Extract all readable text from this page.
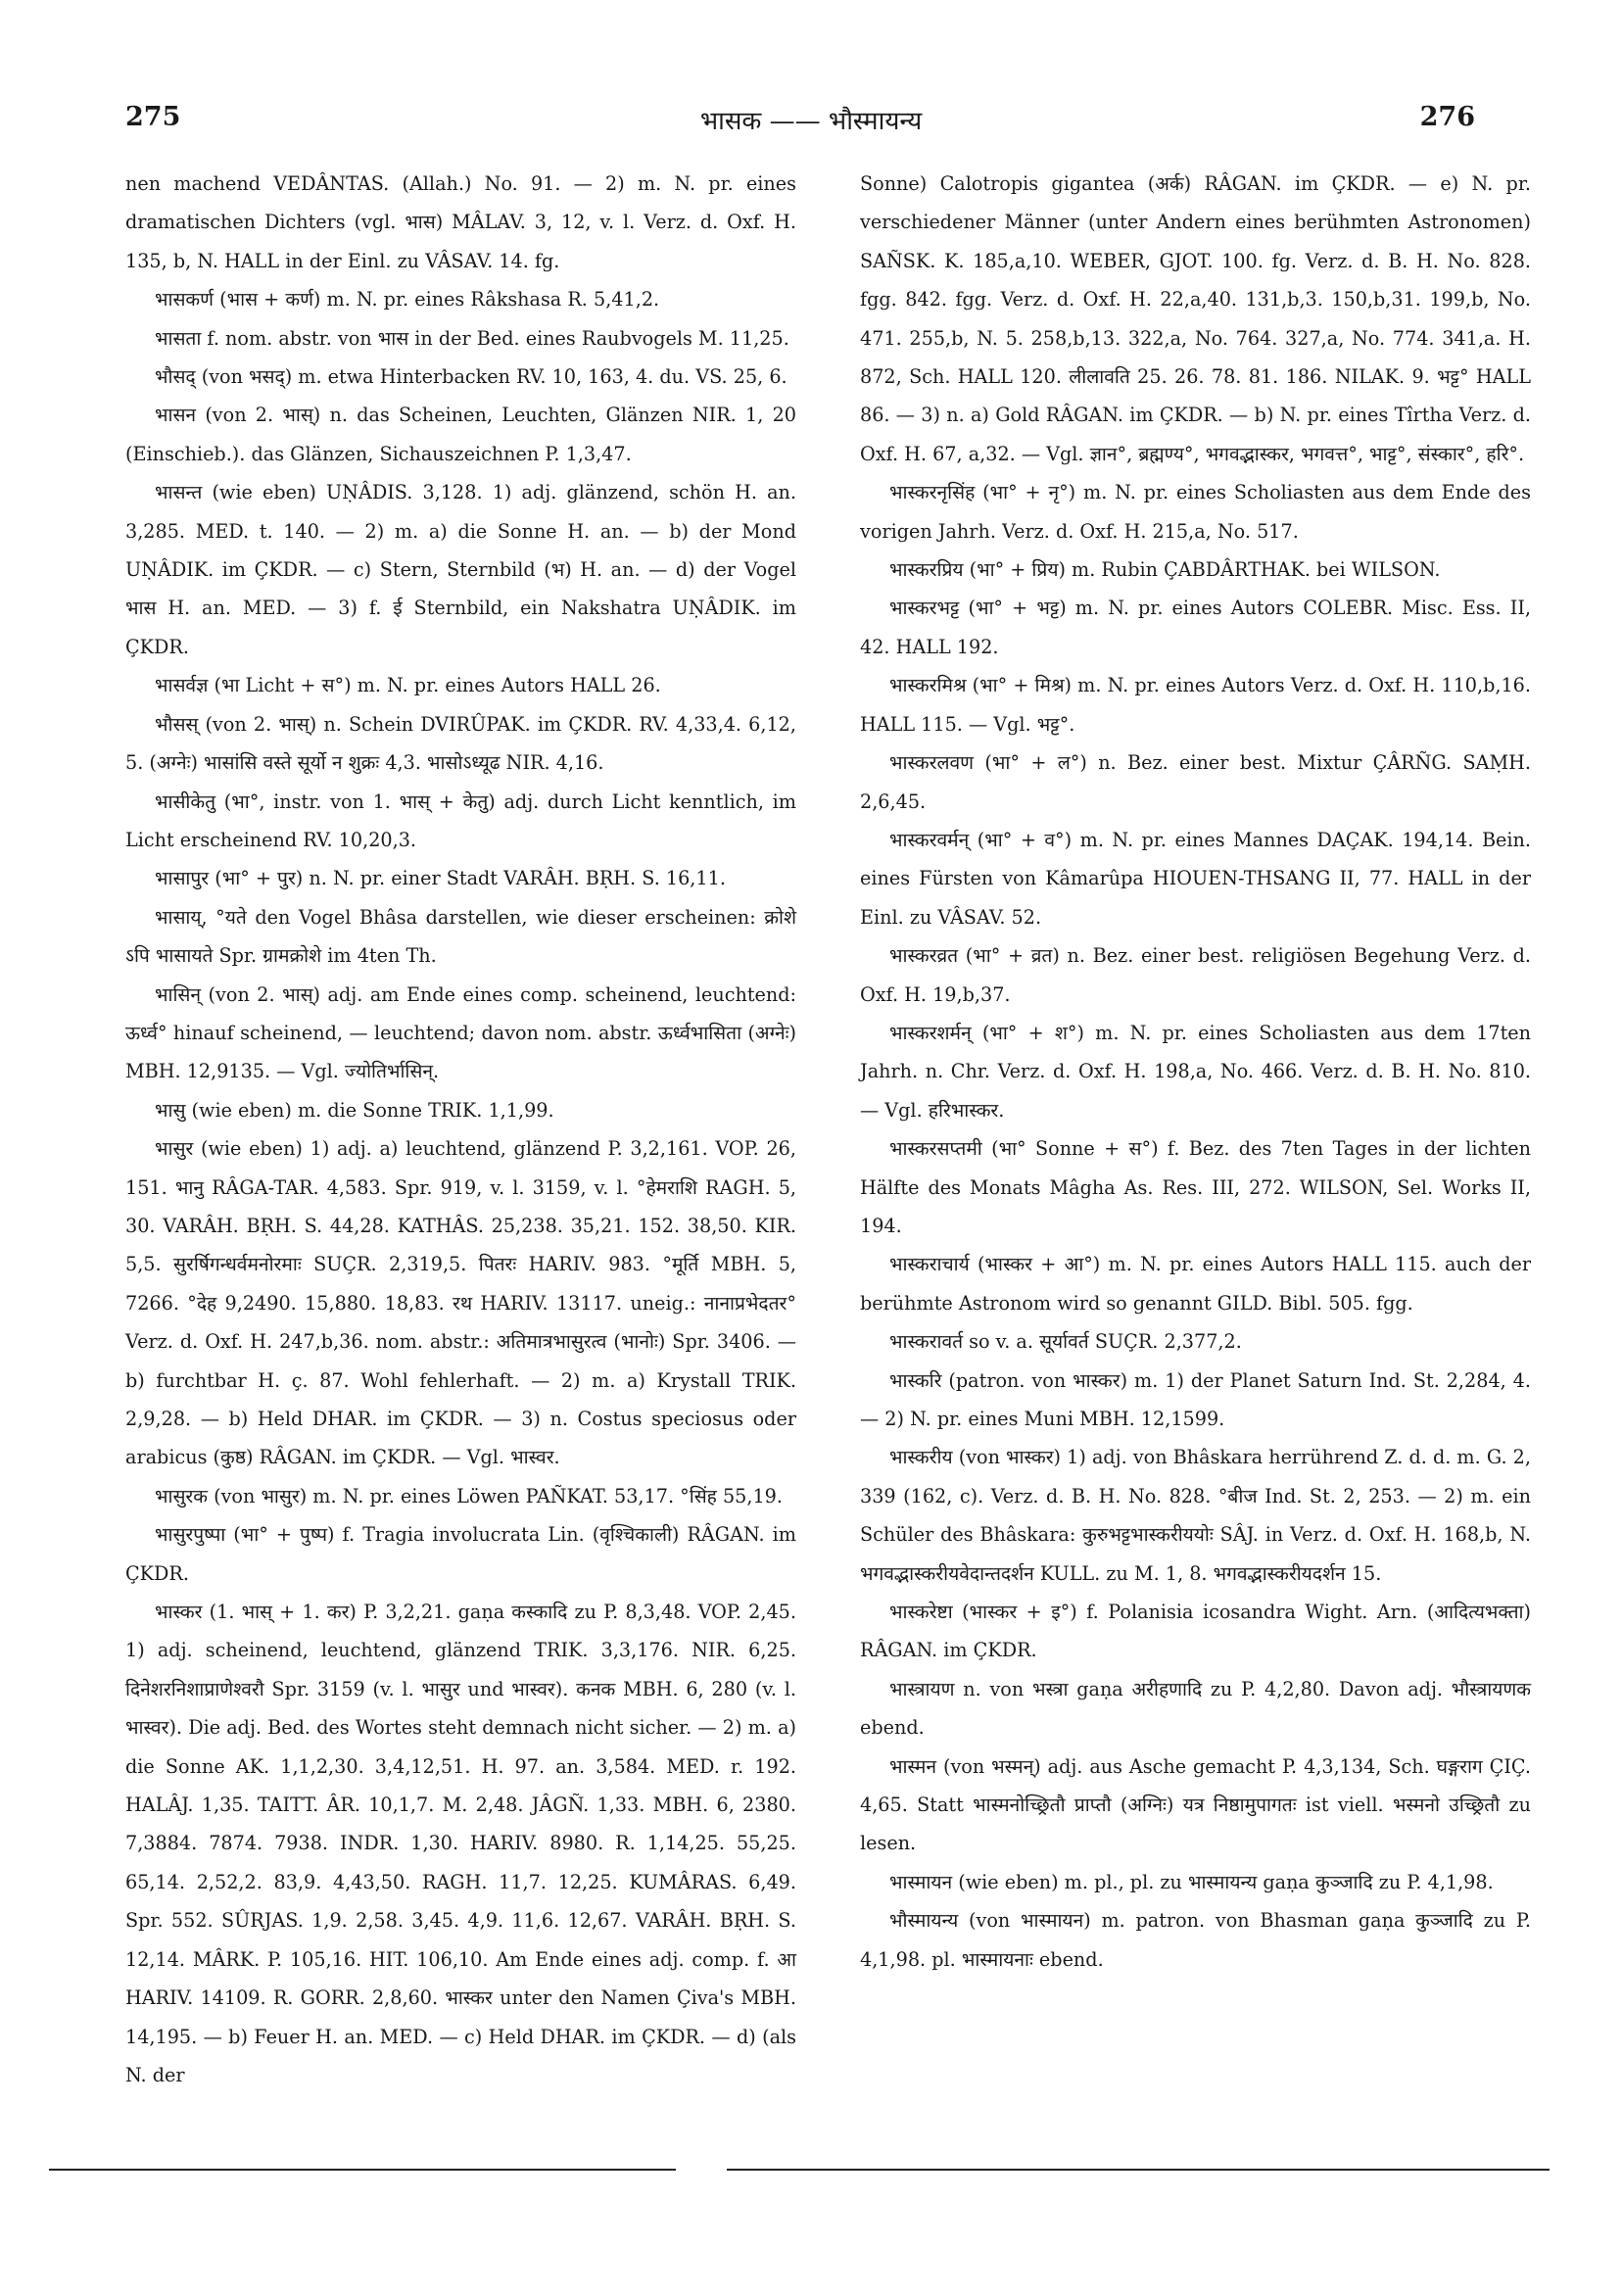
275	भासक —— भौस्मायन्य	276

nen machend VEDÂNTAS. (Allah.) No. 91. — 2) m. N. pr. eines dramatischen Dichters (vgl. भास) MÂLAV. 3, 12, v. l. Verz. d. Oxf. H. 135, b, N. HALL in der Einl. zu VÂSAV. 14. fg.

भासकर्ण (भास + कर्ण) m. N. pr. eines Râkshasa R. 5,41,2.

भासता f. nom. abstr. von भास in der Bed. eines Raubvogels M. 11,25.

भौसद् (von भसद्) m. etwa Hinterbacken RV. 10, 163, 4. du. VS. 25, 6.

भासन (von 2. भास्) n. das Scheinen, Leuchten, Glänzen NIR. 1, 20 (Einschieb.). das Glänzen, Sichauszeichnen P. 1,3,47.

भासन्त (wie eben) UṆÂDIS. 3,128. 1) adj. glänzend, schön H. an. 3,285. MED. t. 140. — 2) m. a) die Sonne H. an. — b) der Mond UṆÂDIK. im ÇKDR. — c) Stern, Sternbild (भ) H. an. — d) der Vogel भास H. an. MED. — 3) f. ई Sternbild, ein Nakshatra UṆÂDIK. im ÇKDR.

भासर्वज्ञ (भा Licht + स°) m. N. pr. eines Autors HALL 26.

भौसस् (von 2. भास्) n. Schein DVIRÛPAK. im ÇKDR. RV. 4,33,4. 6,12, 5. (अग्नेः) भासांसि वस्ते सूर्यो न शुक्रः 4,3. भासोऽध्यूढ NIR. 4,16.

भासीकेतु (भा°, instr. von 1. भास् + केतु) adj. durch Licht kenntlich, im Licht erscheinend RV. 10,20,3.

भासापुर (भा° + पुर) n. N. pr. einer Stadt VARÂH. BṚH. S. 16,11.

भासाय्, °यते den Vogel Bhâsa darstellen, wie dieser erscheinen: क्रोशे ऽपि भासायते Spr. ग्रामक्रोशे im 4ten Th.

भासिन् (von 2. भास्) adj. am Ende eines comp. scheinend, leuchtend: ऊर्ध्व° hinauf scheinend, — leuchtend; davon nom. abstr. ऊर्ध्वभासिता (अग्नेः) MBH. 12,9135. — Vgl. ज्योतिर्भासिन्.

भासु (wie eben) m. die Sonne TRIK. 1,1,99.

भासुर (wie eben) 1) adj. a) leuchtend, glänzend P. 3,2,161. VOP. 26, 151. भानु RÂGA-TAR. 4,583. Spr. 919, v. l. 3159, v. l. °हेमराशि RAGH. 5, 30. VARÂH. BṚH. S. 44,28. KATHÂS. 25,238. 35,21. 152. 38,50. KIR. 5,5. सुरर्षिगन्धर्वमनोरमाः SUÇR. 2,319,5. पितरः HARIV. 983. °मूर्ति MBH. 5, 7266. °देह 9,2490. 15,880. 18,83. रथ HARIV. 13117. uneig.: नानाप्रभेदतर° Verz. d. Oxf. H. 247,b,36. nom. abstr.: अतिमात्रभासुरत्व (भानोः) Spr. 3406. — b) furchtbar H. ç. 87. Wohl fehlerhaft. — 2) m. a) Krystall TRIK. 2,9,28. — b) Held DHAR. im ÇKDR. — 3) n. Costus speciosus oder arabicus (कुष्ठ) RÂGAN. im ÇKDR. — Vgl. भास्वर.

भासुरक (von भासुर) m. N. pr. eines Löwen PAÑKAT. 53,17. °सिंह 55,19.

भासुरपुष्पा (भा° + पुष्प) f. Tragia involucrata Lin. (वृश्चिकाली) RÂGAN. im ÇKDR.

भास्कर (1. भास् + 1. कर) P. 3,2,21. gaṇa कस्कादि zu P. 8,3,48. VOP. 2,45. 1) adj. scheinend, leuchtend, glänzend TRIK. 3,3,176. NIR. 6,25. दिनेशरनिशाप्राणेश्वरौ Spr. 3159 (v. l. भासुर und भास्वर). कनक MBH. 6, 280 (v. l. भास्वर). Die adj. Bed. des Wortes steht demnach nicht sicher. — 2) m. a) die Sonne AK. 1,1,2,30. 3,4,12,51. H. 97. an. 3,584. MED. r. 192. HALÂJ. 1,35. TAITT. ÂR. 10,1,7. M. 2,48. JÂGÑ. 1,33. MBH. 6, 2380. 7,3884. 7874. 7938. INDR. 1,30. HARIV. 8980. R. 1,14,25. 55,25. 65,14. 2,52,2. 83,9. 4,43,50. RAGH. 11,7. 12,25. KUMÂRAS. 6,49. Spr. 552. SÛRJAS. 1,9. 2,58. 3,45. 4,9. 11,6. 12,67. VARÂH. BṚH. S. 12,14. MÂRK. P. 105,16. HIT. 106,10. Am Ende eines adj. comp. f. आ HARIV. 14109. R. GORR. 2,8,60. भास्कर unter den Namen Çiva's MBH. 14,195. — b) Feuer H. an. MED. — c) Held DHAR. im ÇKDR. — d) (als N. der

Sonne) Calotropis gigantea (अर्क) RÂGAN. im ÇKDR. — e) N. pr. verschiedener Männer (unter Andern eines berühmten Astronomen) SAÑSK. K. 185,a,10. WEBER, GJOT. 100. fg. Verz. d. B. H. No. 828. fgg. 842. fgg. Verz. d. Oxf. H. 22,a,40. 131,b,3. 150,b,31. 199,b, No. 471. 255,b, N. 5. 258,b,13. 322,a, No. 764. 327,a, No. 774. 341,a. H. 872, Sch. HALL 120. लीलावति 25. 26. 78. 81. 186. NILAK. 9. भट्ट° HALL 86. — 3) n. a) Gold RÂGAN. im ÇKDR. — b) N. pr. eines Tîrtha Verz. d. Oxf. H. 67, a,32. — Vgl. ज्ञान°, ब्रह्मण्य°, भगवद्भास्कर, भगवत्त°, भाट्ट°, संस्कार°, हरि°.

भास्करनृसिंह (भा° + नृ°) m. N. pr. eines Scholiasten aus dem Ende des vorigen Jahrh. Verz. d. Oxf. H. 215,a, No. 517.

भास्करप्रिय (भा° + प्रिय) m. Rubin ÇABDÂRTHAK. bei WILSON.

भास्करभट्ट (भा° + भट्ट) m. N. pr. eines Autors COLEBR. Misc. Ess. II, 42. HALL 192.

भास्करमिश्र (भा° + मिश्र) m. N. pr. eines Autors Verz. d. Oxf. H. 110,b,16. HALL 115. — Vgl. भट्ट°.

भास्करलवण (भा° + ल°) n. Bez. einer best. Mixtur ÇÂRÑG. SAṂH. 2,6,45.

भास्करवर्मन् (भा° + व°) m. N. pr. eines Mannes DAÇAK. 194,14. Bein. eines Fürsten von Kâmarûpa HIOUEN-THSANG II, 77. HALL in der Einl. zu VÂSAV. 52.

भास्करव्रत (भा° + व्रत) n. Bez. einer best. religiösen Begehung Verz. d. Oxf. H. 19,b,37.

भास्करशर्मन् (भा° + श°) m. N. pr. eines Scholiasten aus dem 17ten Jahrh. n. Chr. Verz. d. Oxf. H. 198,a, No. 466. Verz. d. B. H. No. 810. — Vgl. हरिभास्कर.

भास्करसप्तमी (भा° Sonne + स°) f. Bez. des 7ten Tages in der lichten Hälfte des Monats Mâgha As. Res. III, 272. WILSON, Sel. Works II, 194.

भास्कराचार्य (भास्कर + आ°) m. N. pr. eines Autors HALL 115. auch der berühmte Astronom wird so genannt GILD. Bibl. 505. fgg.

भास्करावर्त so v. a. सूर्यावर्त SUÇR. 2,377,2.

भास्करि (patron. von भास्कर) m. 1) der Planet Saturn Ind. St. 2,284, 4. — 2) N. pr. eines Muni MBH. 12,1599.

भास्करीय (von भास्कर) 1) adj. von Bhâskara herrührend Z. d. d. m. G. 2, 339 (162, c). Verz. d. B. H. No. 828. °बीज Ind. St. 2, 253. — 2) m. ein Schüler des Bhâskara: कुरुभट्टभास्करीययोः SÂJ. in Verz. d. Oxf. H. 168,b, N. भगवद्भास्करीयवेदान्तदर्शन KULL. zu M. 1, 8. भगवद्भास्करीयदर्शन 15.

भास्करेष्टा (भास्कर + इ°) f. Polanisia icosandra Wight. Arn. (आदित्यभक्ता) RÂGAN. im ÇKDR.

भास्त्रायण n. von भस्त्रा gaṇa अरीहणादि zu P. 4,2,80. Davon adj. भौस्त्रायणक ebend.

भास्मन (von भस्मन्) adj. aus Asche gemacht P. 4,3,134, Sch. घङ्गराग ÇIÇ. 4,65. Statt भास्मनोच्छ्रितौ प्राप्तौ (अग्निः) यत्र निष्ठामुपागतः ist viell. भस्मनो उच्छ्रितौ zu lesen.

भास्मायन (wie eben) m. pl., pl. zu भास्मायन्य gaṇa कुञ्जादि zu P. 4,1,98.

भौस्मायन्य (von भास्मायन) m. patron. von Bhasman gaṇa कुञ्जादि zu P. 4,1,98. pl. भास्मायनाः ebend.
